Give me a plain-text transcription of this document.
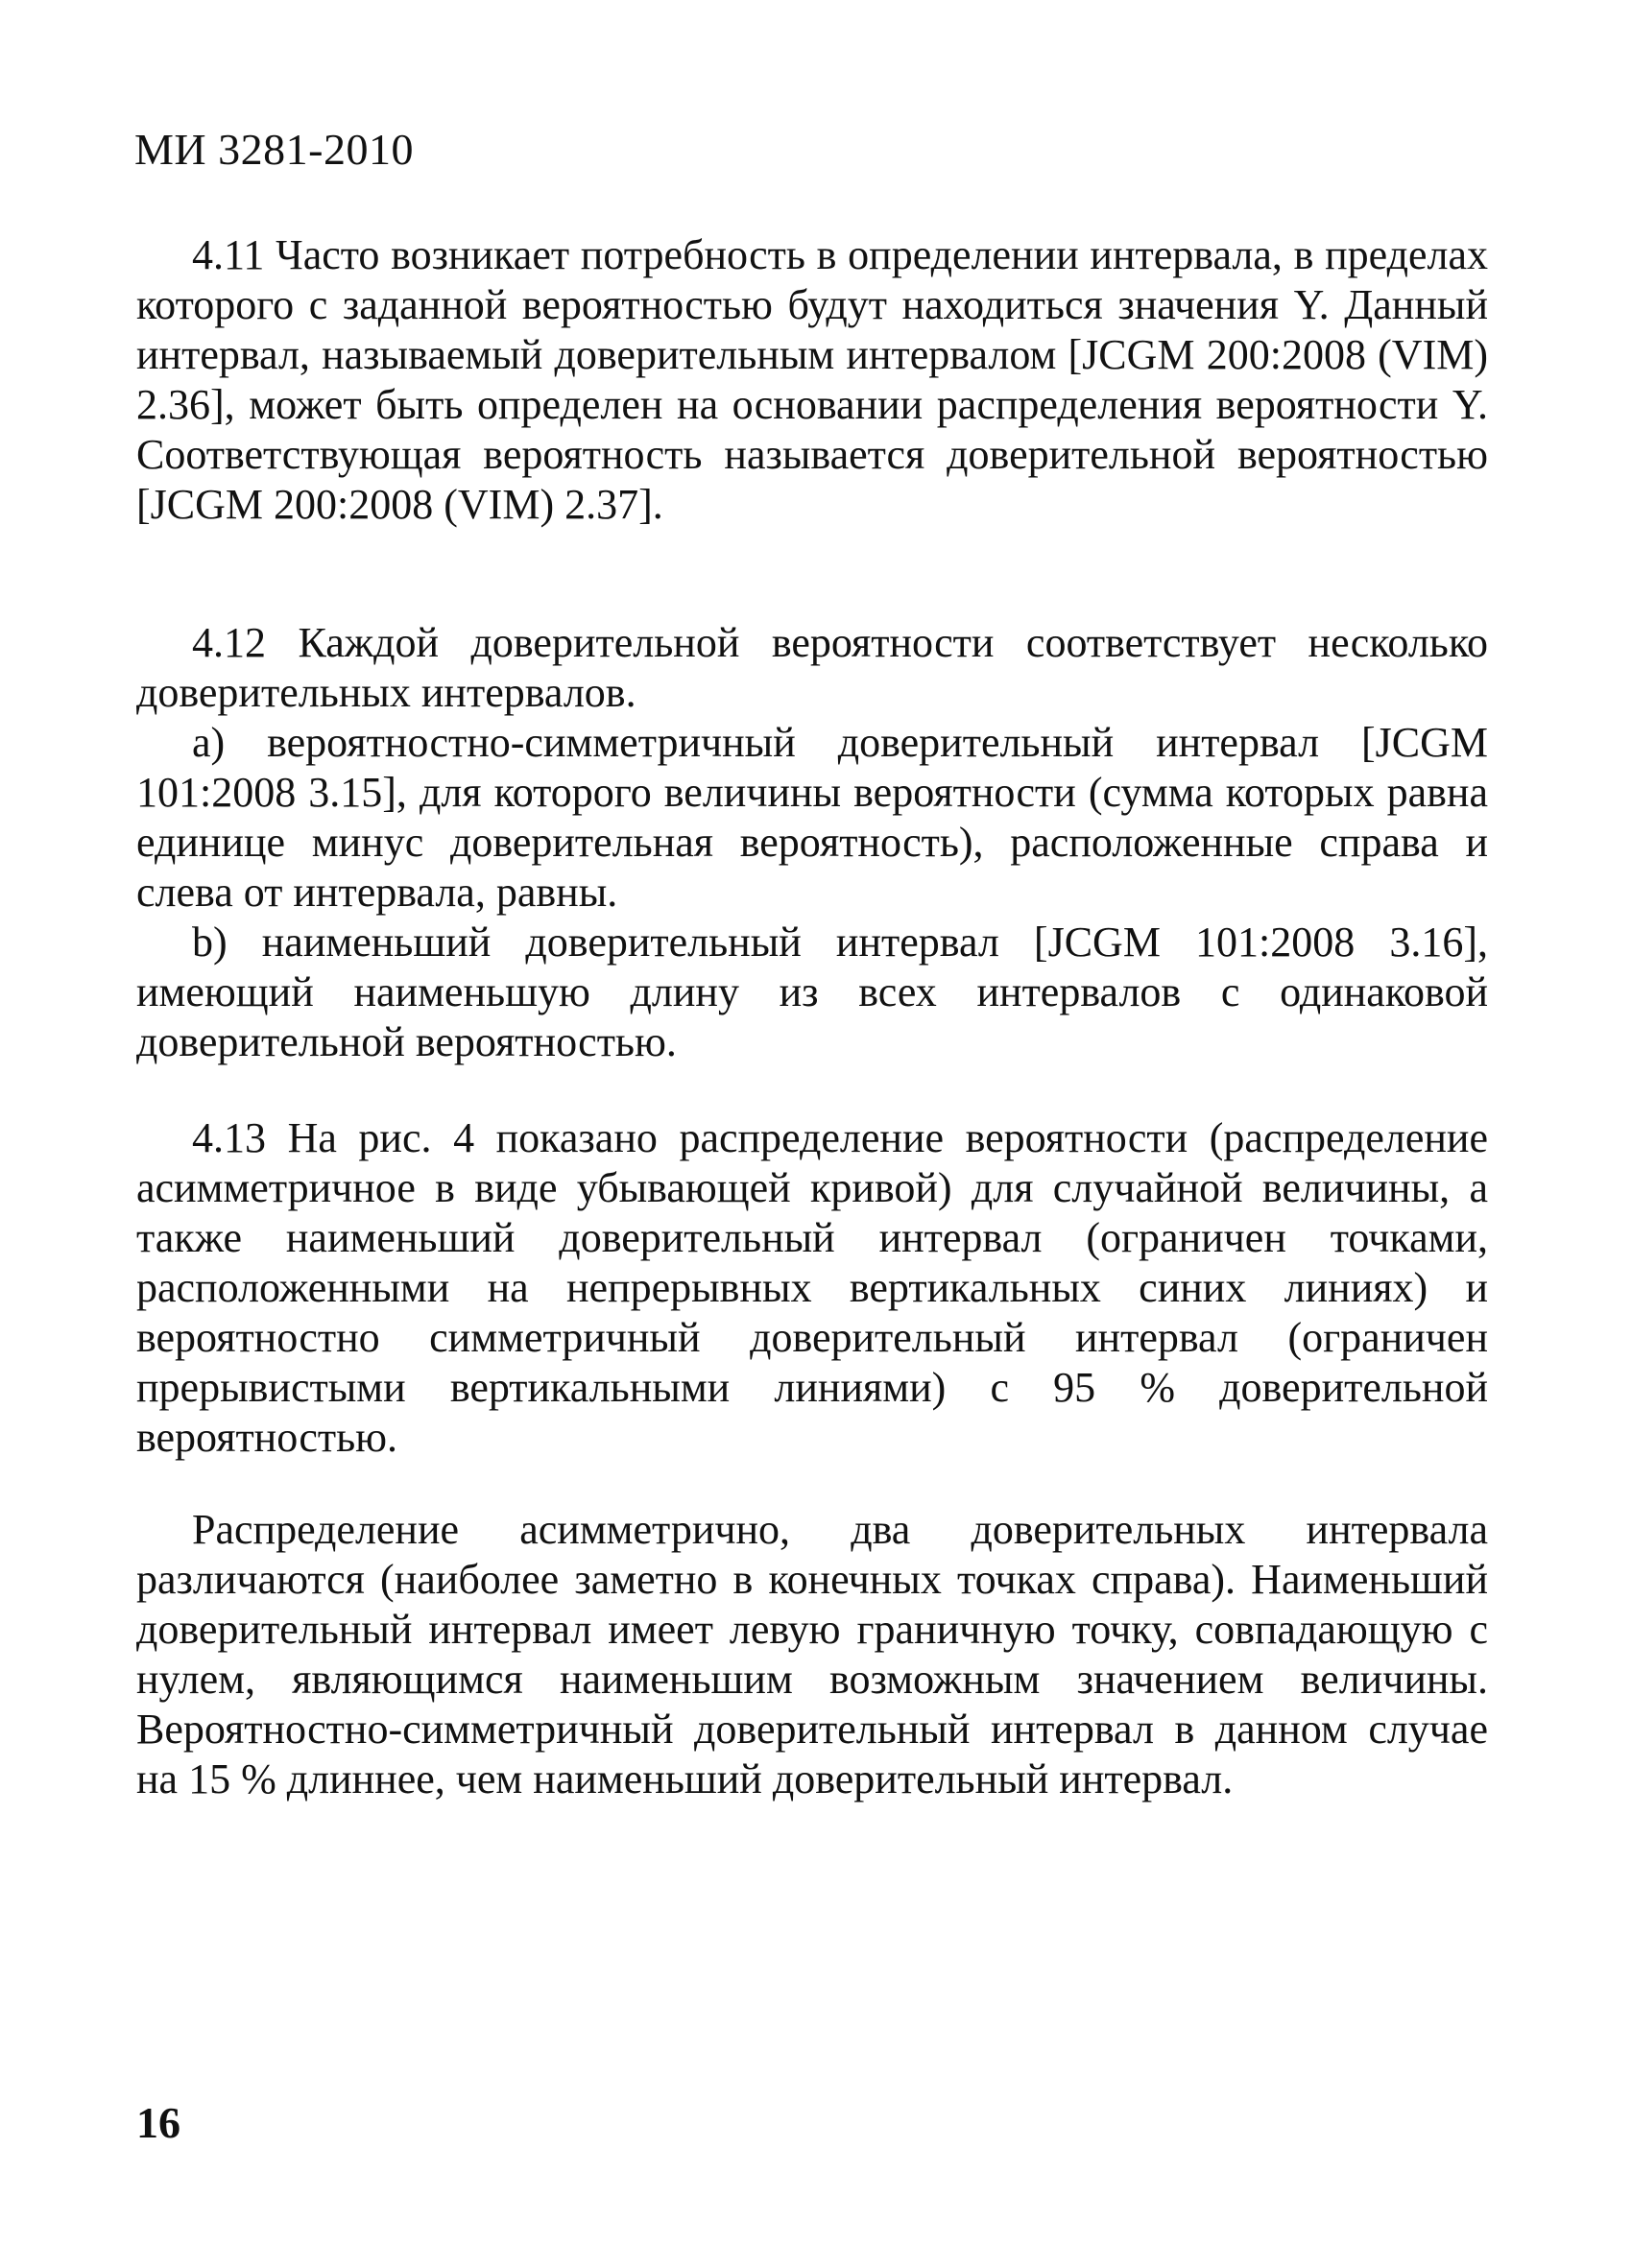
МИ 3281-2010

4.11 Часто возникает потребность в определении интервала, в пределах которого с заданной вероятностью будут находиться значения Y. Данный интервал, называемый доверительным интервалом [JCGM 200:2008 (VIM) 2.36], может быть определен на основании распределения вероятности Y. Соответствующая вероятность называется доверительной вероятностью [JCGM 200:2008 (VIM) 2.37].

4.12 Каждой доверительной вероятности соответствует несколько доверительных интервалов.

а) вероятностно-симметричный доверительный интервал [JCGM 101:2008 3.15], для которого величины вероятности (сумма которых равна единице минус доверительная вероятность), расположенные справа и слева от интервала, равны.

b) наименьший доверительный интервал [JCGM 101:2008 3.16], имеющий наименьшую длину из всех интервалов с одинаковой доверительной вероятностью.

4.13 На рис. 4 показано распределение вероятности (распределение асимметричное в виде убывающей кривой) для случайной величины, а также наименьший доверительный интервал (ограничен точками, расположенными на непрерывных вертикальных синих линиях) и вероятностно симметричный доверительный интервал (ограничен прерывистыми вертикальными линиями) с 95 % доверительной вероятностью.

Распределение асимметрично, два доверительных интервала различаются (наиболее заметно в конечных точках справа). Наименьший доверительный интервал имеет левую граничную точку, совпадающую с нулем, являющимся наименьшим возможным значением величины. Вероятностно-симметричный доверительный интервал в данном случае на 15 % длиннее, чем наименьший доверительный интервал.

16
